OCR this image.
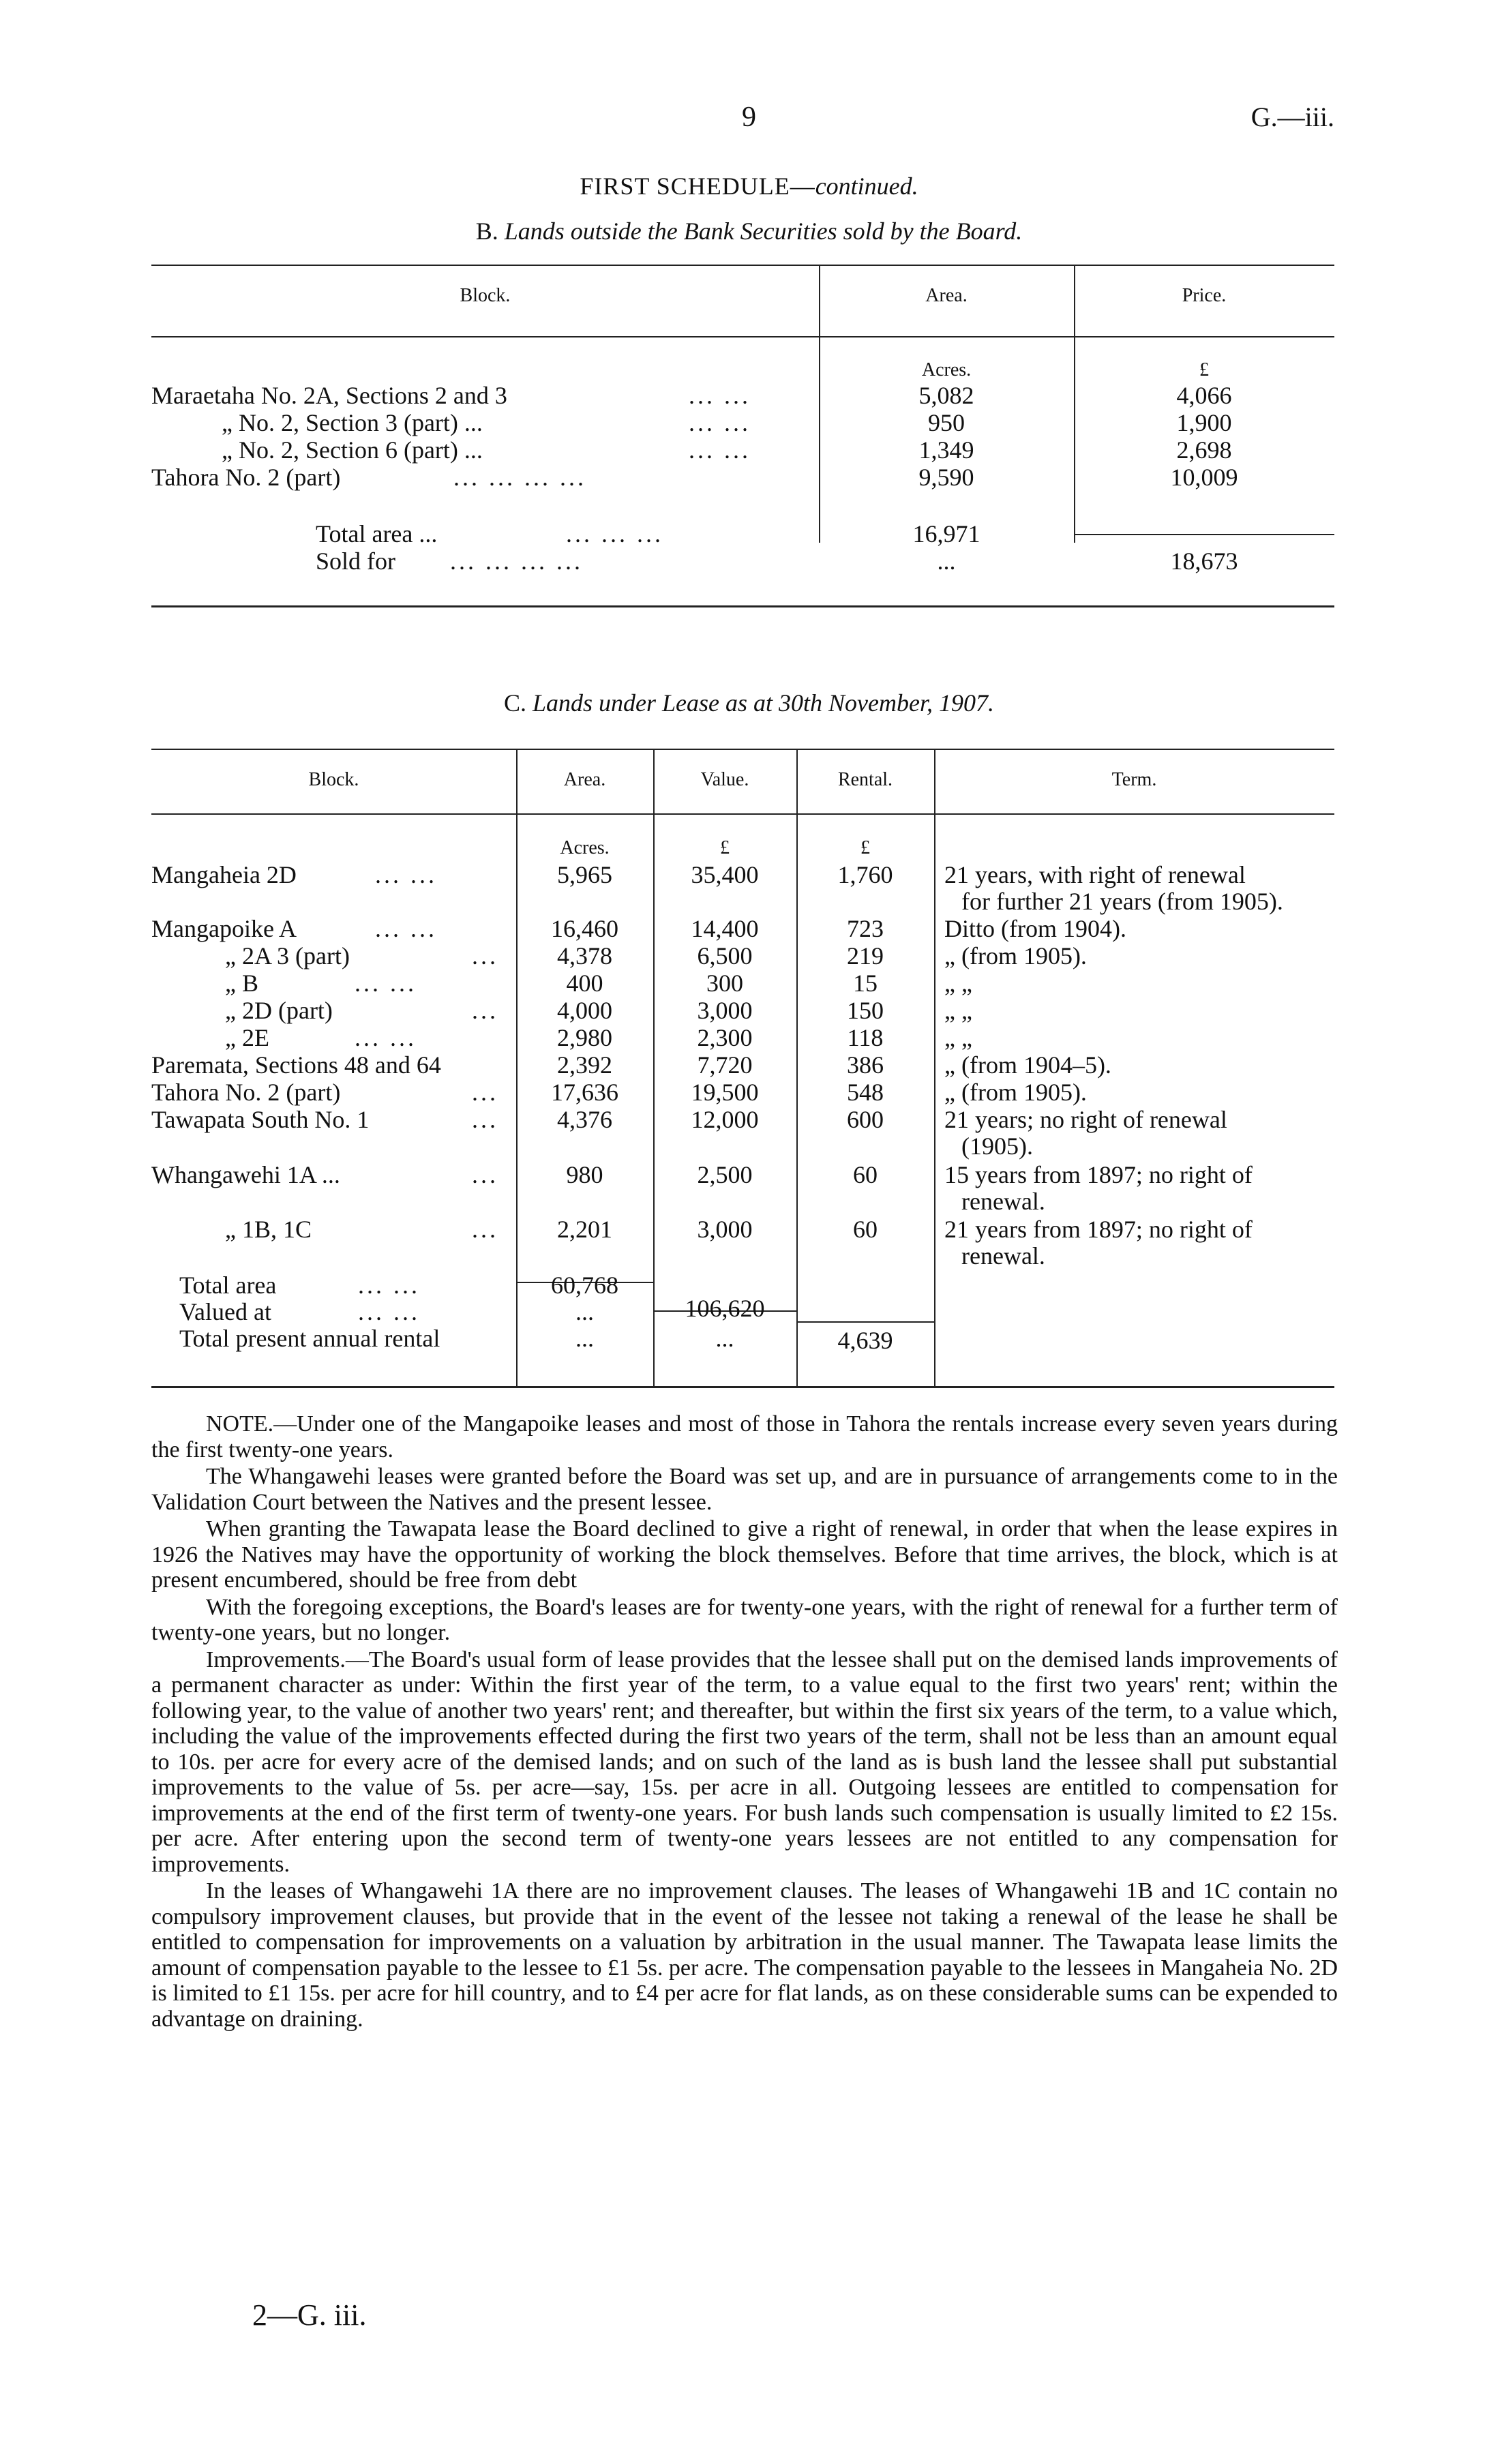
9	G.—iii.
FIRST SCHEDULE—continued.
B. Lands outside the Bank Securities sold by the Board.
Block.	Area.	Price.
Acres.	£
Maraetaha No. 2A, Sections 2 and 3	... ...	5,082	4,066
„ No. 2, Section 3 (part) ...	... ...	950	1,900
„ No. 2, Section 6 (part) ...	... ...	1,349	2,698
Tahora No. 2 (part)	... ... ... ...	9,590	10,009
Total area ...	... ... ...	16,971
Sold for ... ... ... ...	...	18,673
C. Lands under Lease as at 30th November, 1907.
Block.	Area.	Value.	Rental.	Term.
Acres.	£	£
Mangaheia 2D	... ...	5,965	35,400	1,760	21 years, with right of renewal
for further 21 years (from 1905).
Mangapoike A	... ...	16,460	14,400	723	Ditto (from 1904).
„ 2A 3 (part)	...	4,378	6,500	219	„ (from 1905).
„ B	... ...	400	300	15	„ „
„ 2D (part)	...	4,000	3,000	150	„ „
„ 2E	... ...	2,980	2,300	118	„ „
Paremata, Sections 48 and 64	2,392	7,720	386	„ (from 1904–5).
Tahora No. 2 (part)	...	17,636	19,500	548	„ (from 1905).
Tawapata South No. 1	...	4,376	12,000	600	21 years; no right of renewal
(1905).
Whangawehi 1A ...	...	980	2,500	60	15 years from 1897; no right of
renewal.
„ 1B, 1C	...	2,201	3,000	60	21 years from 1897; no right of
renewal.
Total area	... ...	60,768
Valued at	... ...	...	106,620
Total present annual rental	...	...	4,639

NOTE.—Under one of the Mangapoike leases and most of those in Tahora the rentals increase every seven years during the first twenty-one years.

The Whangawehi leases were granted before the Board was set up, and are in pursuance of arrangements come to in the Validation Court between the Natives and the present lessee.

When granting the Tawapata lease the Board declined to give a right of renewal, in order that when the lease expires in 1926 the Natives may have the opportunity of working the block themselves. Before that time arrives, the block, which is at present encumbered, should be free from debt

With the foregoing exceptions, the Board's leases are for twenty-one years, with the right of renewal for a further term of twenty-one years, but no longer.

Improvements.—The Board's usual form of lease provides that the lessee shall put on the demised lands improvements of a permanent character as under: Within the first year of the term, to a value equal to the first two years' rent; within the following year, to the value of another two years' rent; and thereafter, but within the first six years of the term, to a value which, including the value of the improvements effected during the first two years of the term, shall not be less than an amount equal to 10s. per acre for every acre of the demised lands; and on such of the land as is bush land the lessee shall put substantial improvements to the value of 5s. per acre—say, 15s. per acre in all. Outgoing lessees are entitled to compensation for improvements at the end of the first term of twenty-one years. For bush lands such compensation is usually limited to £2 15s. per acre. After entering upon the second term of twenty-one years lessees are not entitled to any compensation for improvements.

In the leases of Whangawehi 1A there are no improvement clauses. The leases of Whangawehi 1B and 1C contain no compulsory improvement clauses, but provide that in the event of the lessee not taking a renewal of the lease he shall be entitled to compensation for improvements on a valuation by arbitration in the usual manner. The Tawapata lease limits the amount of compensation payable to the lessee to £1 5s. per acre. The compensation payable to the lessees in Mangaheia No. 2D is limited to £1 15s. per acre for hill country, and to £4 per acre for flat lands, as on these considerable sums can be expended to advantage on draining.

2—G. iii.
